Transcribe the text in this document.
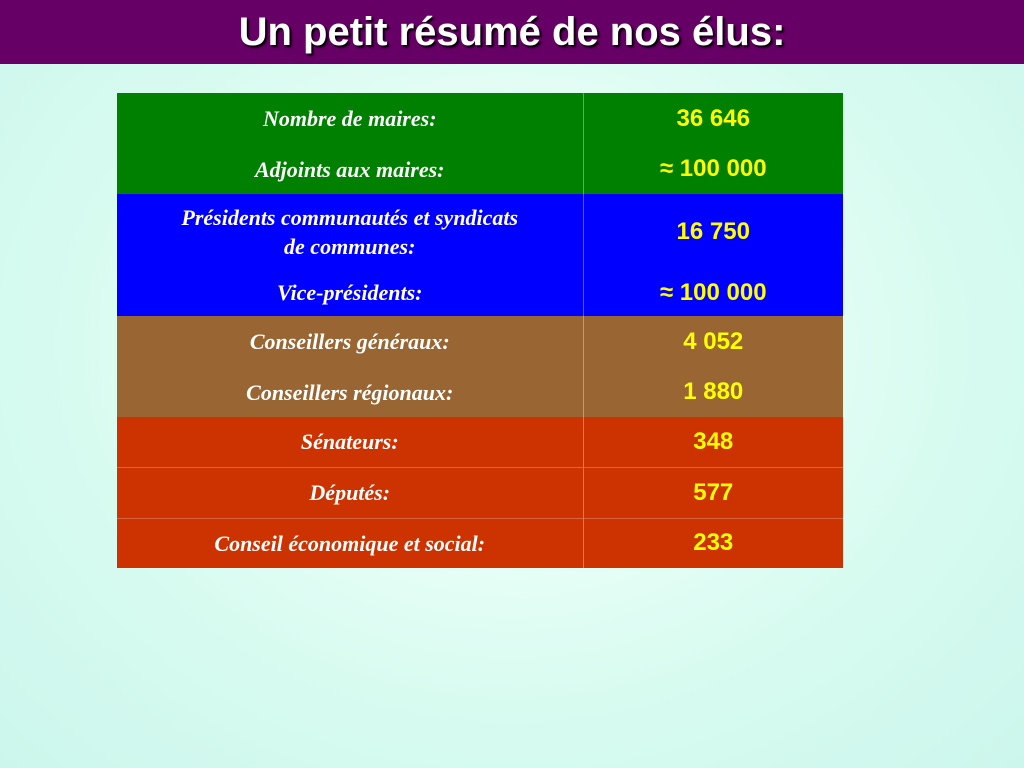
Un petit résumé de nos élus:
Nombre de maires:	36 646
Adjoints aux maires:	≈ 100 000
Présidents communautés et syndicats de communes:	16 750
Vice-présidents:	≈ 100 000
Conseillers généraux:	4 052
Conseillers régionaux:	1 880
Sénateurs:	348
Députés:	577
Conseil économique et social:	233
